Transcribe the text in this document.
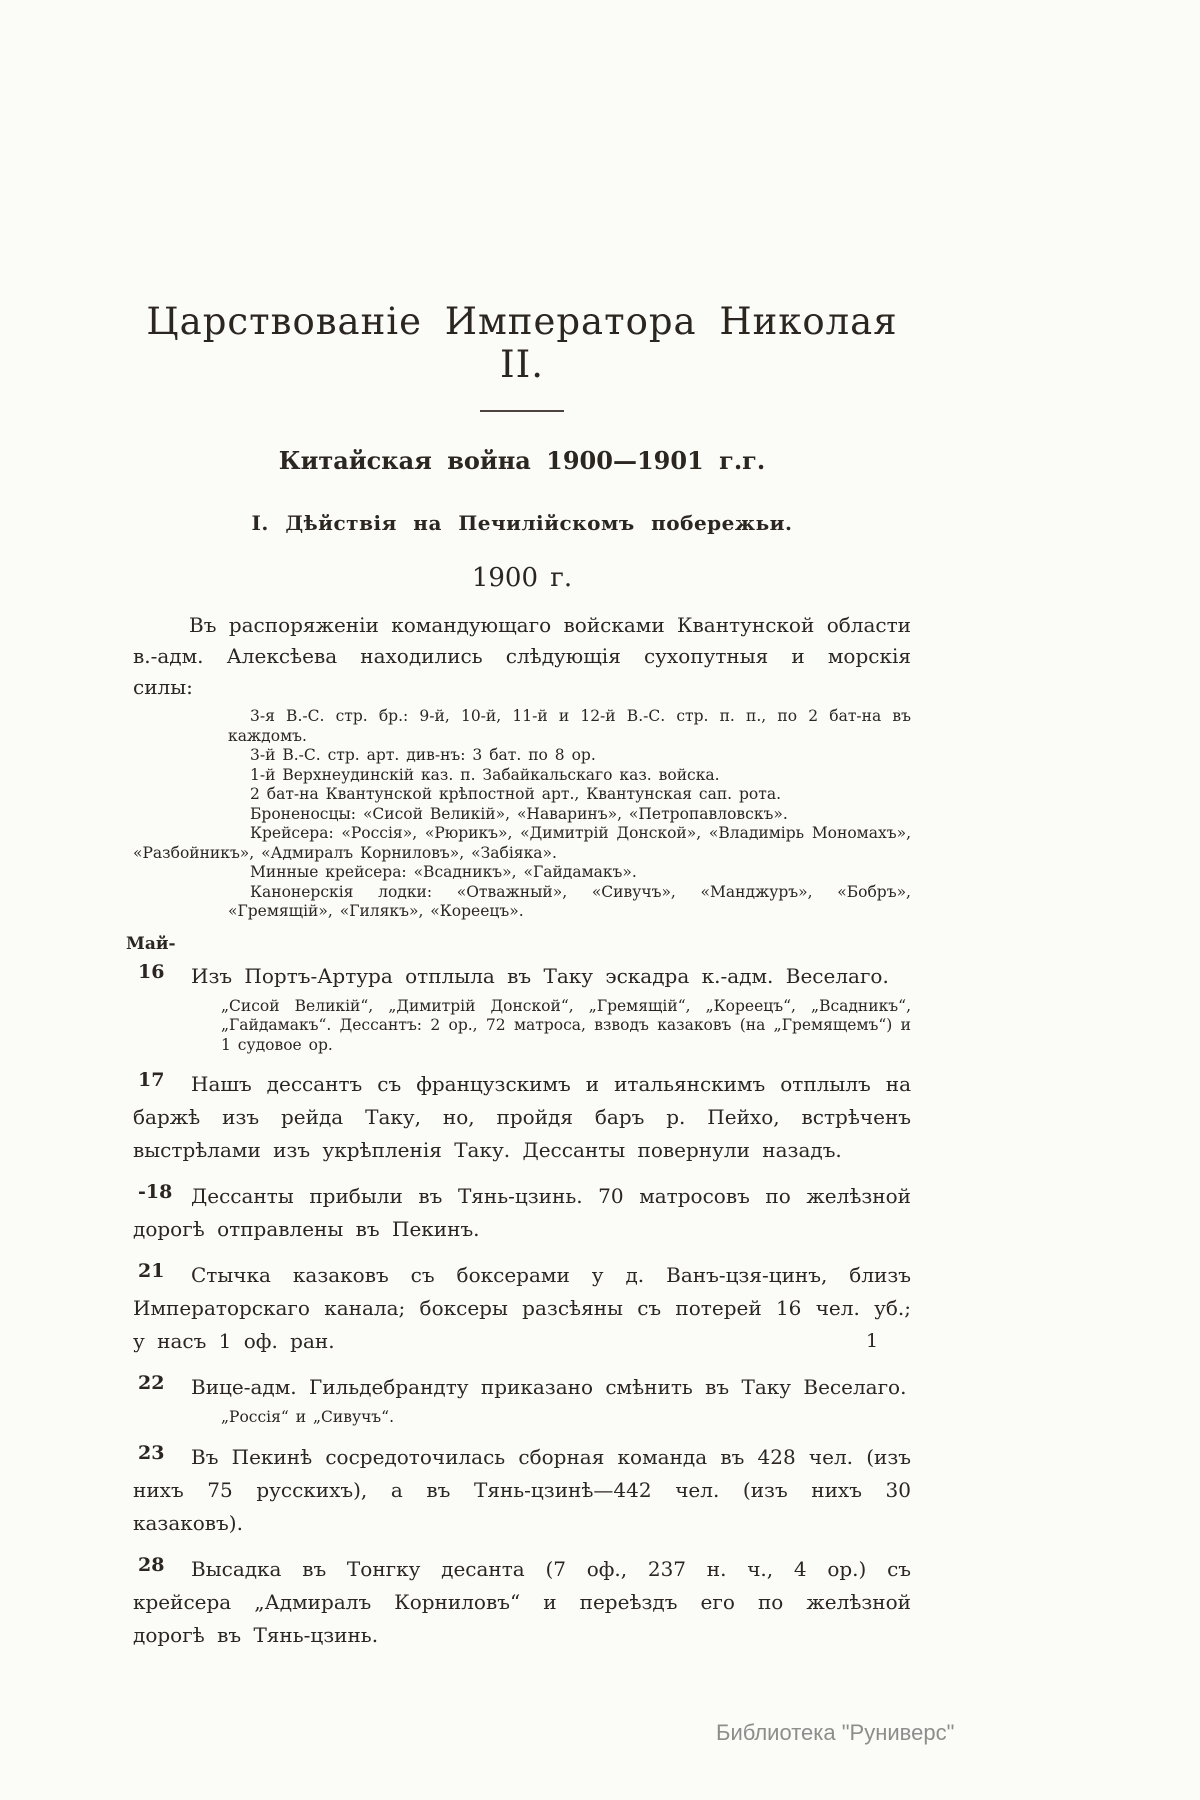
Царствованіе Императора Николая II.
Китайская война 1900—1901 г.г.
I. Дѣйствія на Печилійскомъ побережьи.
1900 г.

Въ распоряженіи командующаго войсками Квантунской области в.-адм. Алексѣева находились слѣдующія сухопутныя и морскія силы:

3-я В.-С. стр. бр.: 9-й, 10-й, 11-й и 12-й В.-С. стр. п. п., по 2 бат-на въ каждомъ.

3-й В.-С. стр. арт. див-нъ: 3 бат. по 8 ор.

1-й Верхнеудинскій каз. п. Забайкальскаго каз. войска.

2 бат-на Квантунской крѣпостной арт., Квантунская сап. рота.

Броненосцы: «Сисой Великій», «Наваринъ», «Петропавловскъ».

Крейсера: «Россія», «Рюрикъ», «Димитрій Донской», «Владимірь Мономахъ», «Разбойникъ», «Адмиралъ Корниловъ», «Забіяка».

Минные крейсера: «Всадникъ», «Гайдамакъ».

Канонерскія лодки: «Отважный», «Сивучъ», «Манджуръ», «Бобръ», «Гремящій», «Гилякъ», «Кореецъ».

Май-
16	Изъ Портъ-Артура отплыла въ Таку эскадра к.-адм. Веселаго.

„Сисой Великій“, „Димитрій Донской“, „Гремящій“, „Кореецъ“, „Всадникъ“, „Гайдамакъ“. Дессантъ: 2 ор., 72 матроса, взводъ казаковъ (на „Гремящемъ“) и 1 судовое ор.

17	Нашъ дессантъ съ французскимъ и итальянскимъ отплылъ на баржѣ изъ рейда Таку, но, пройдя баръ р. Пейхо, встрѣченъ выстрѣлами изъ укрѣпленія Таку. Дессанты повернули назадъ.

-18 Дессанты прибыли въ Тянь-цзинь. 70 матросовъ по желѣзной дорогѣ отправлены въ Пекинъ.

21	Стычка казаковъ съ боксерами у д. Ванъ-цзя-цинъ, близъ Императорскаго канала; боксеры разсѣяны съ потерей 16 чел. уб.; у насъ 1 оф. ран.

22	Вице-адм. Гильдебрандту приказано смѣнить въ Таку Веселаго.

„Россія“ и „Сивучъ“.

23	Въ Пекинѣ сосредоточилась сборная команда въ 428 чел. (изъ нихъ 75 русскихъ), а въ Тянь-цзинѣ—442 чел. (изъ нихъ 30 казаковъ).

28	Высадка въ Тонгку десанта (7 оф., 237 н. ч., 4 ор.) съ крейсера „Адмиралъ Корниловъ“ и переѣздъ его по желѣзной дорогѣ въ Тянь-цзинь.

1
Библиотека "Руниверс"
